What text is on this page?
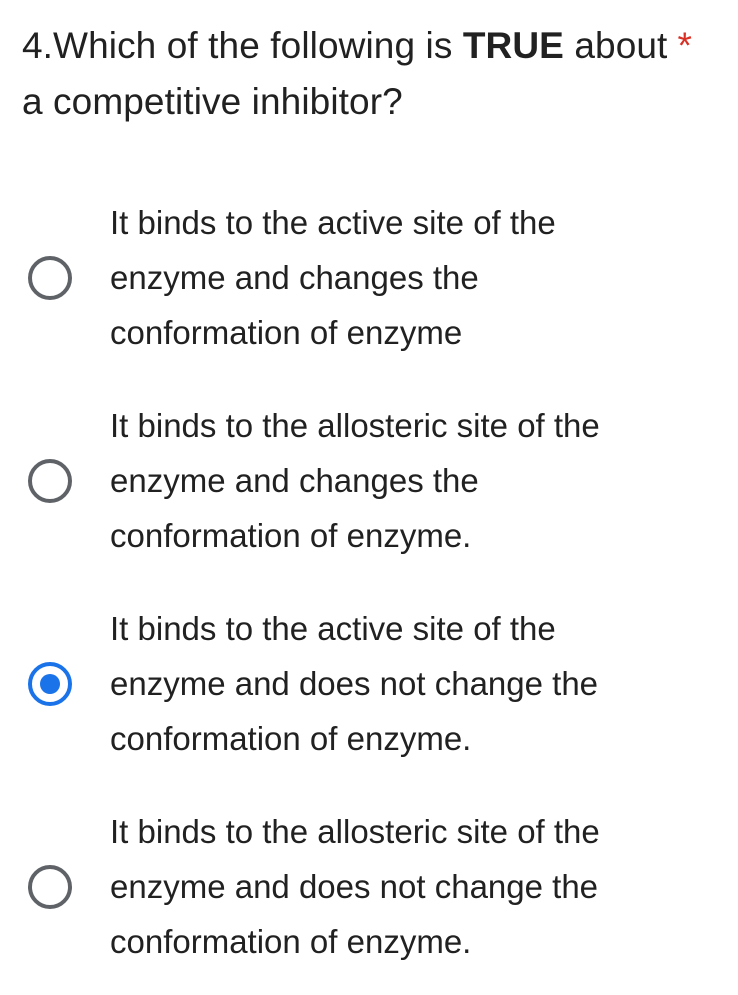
4.Which of the following is TRUE about *
a competitive inhibitor?
It binds to the active site of the
enzyme and changes the
conformation of enzyme
It binds to the allosteric site of the
enzyme and changes the
conformation of enzyme.
It binds to the active site of the
enzyme and does not change the
conformation of enzyme.
It binds to the allosteric site of the
enzyme and does not change the
conformation of enzyme.
